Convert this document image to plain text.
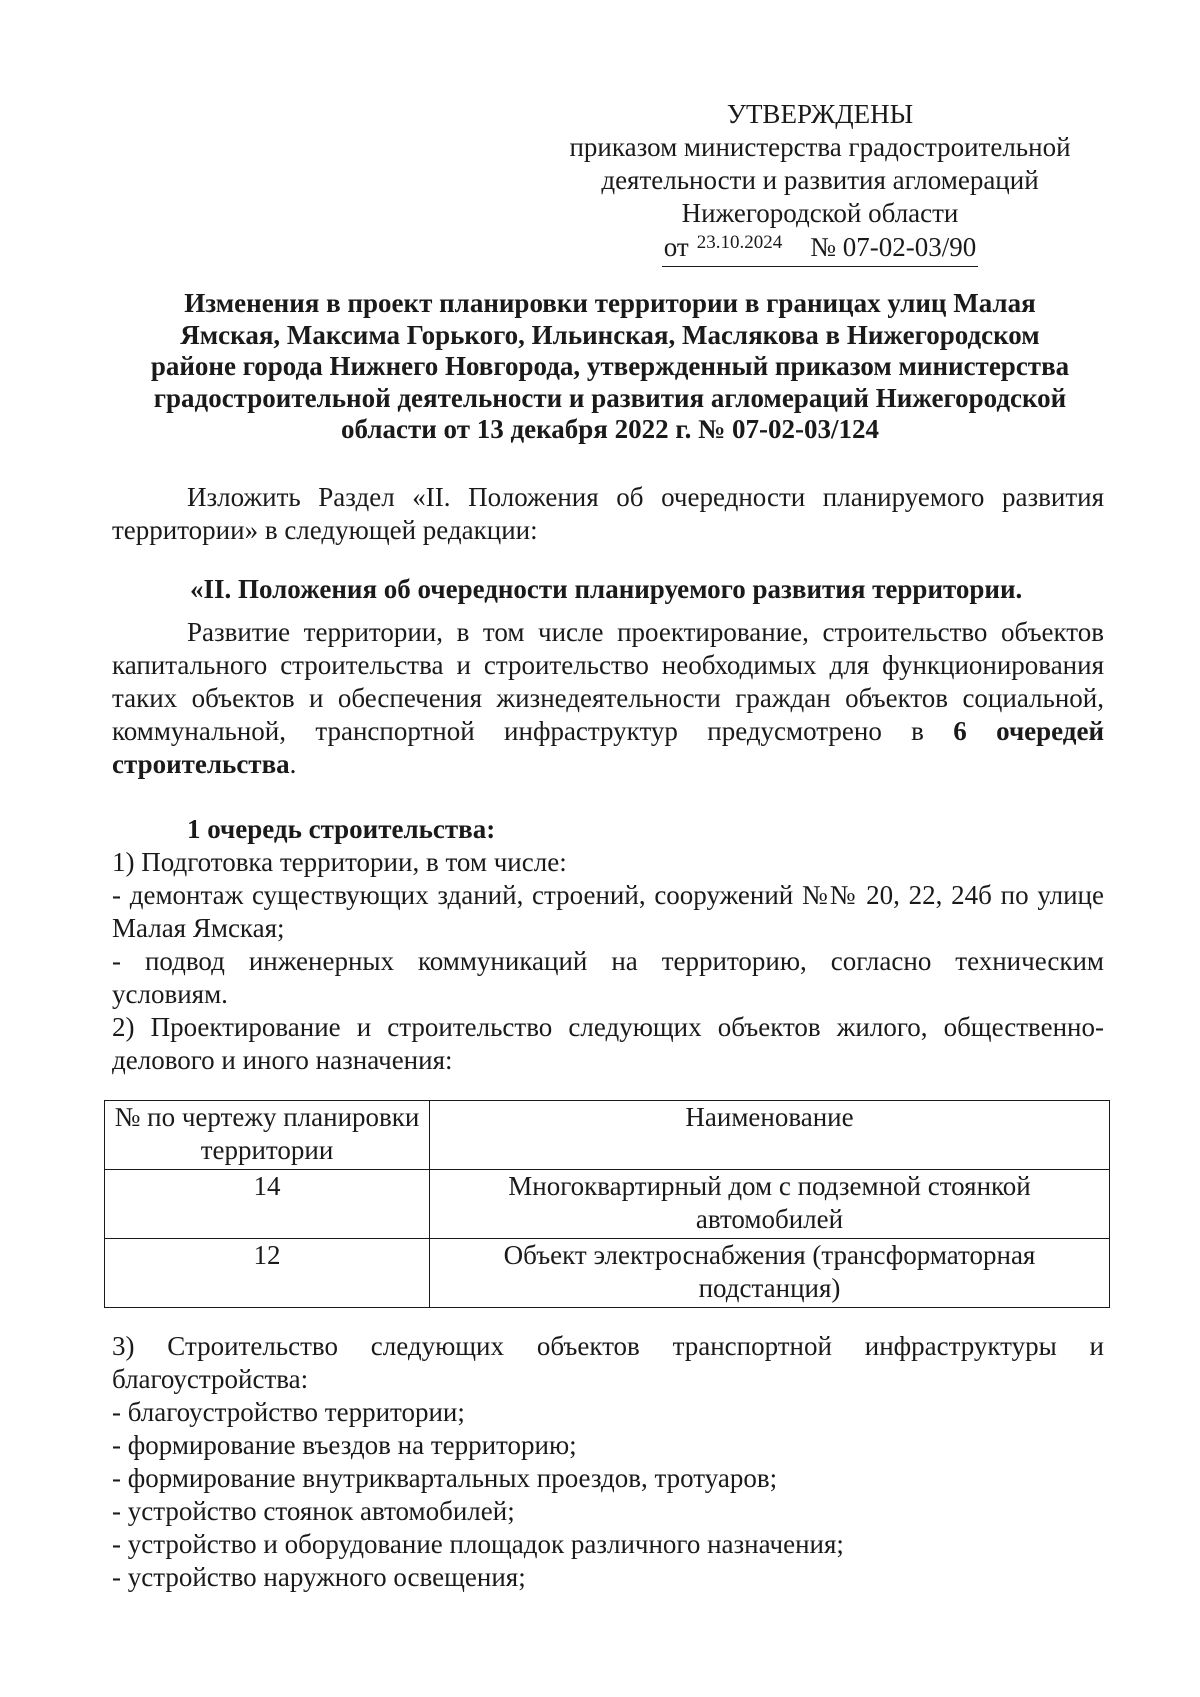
УТВЕРЖДЕНЫ
приказом министерства градостроительной
деятельности и развития агломераций
Нижегородской области
от $^{23.10.2024}$ № 07-02-03/90
Изменения в проект планировки территории в границах улиц Малая
Ямская, Максима Горького, Ильинская, Маслякова в Нижегородском
районе города Нижнего Новгорода, утвержденный приказом министерства
градостроительной деятельности и развития агломераций Нижегородской
области от 13 декабря 2022 г. № 07-02-03/124
Изложить Раздел «II. Положения об очередности планируемого развития территории» в следующей редакции:
«II. Положения об очередности планируемого развития территории.
Развитие территории, в том числе проектирование, строительство объектов капитального строительства и строительство необходимых для функционирования таких объектов и обеспечения жизнедеятельности граждан объектов социальной, коммунальной, транспортной инфраструктур предусмотрено в 6 очередей строительства.
1 очередь строительства:
1) Подготовка территории, в том числе:
- демонтаж существующих зданий, строений, сооружений №№ 20, 22, 24б по улице Малая Ямская;
- подвод инженерных коммуникаций на территорию, согласно техническим условиям.
2) Проектирование и строительство следующих объектов жилого, общественно-делового и иного назначения:
№ по чертежу планировки территории	Наименование
14	Многоквартирный дом с подземной стоянкой автомобилей
12	Объект электроснабжения (трансформаторная подстанция)
3) Строительство следующих объектов транспортной инфраструктуры и благоустройства:
- благоустройство территории;
- формирование въездов на территорию;
- формирование внутриквартальных проездов, тротуаров;
- устройство стоянок автомобилей;
- устройство и оборудование площадок различного назначения;
- устройство наружного освещения;
